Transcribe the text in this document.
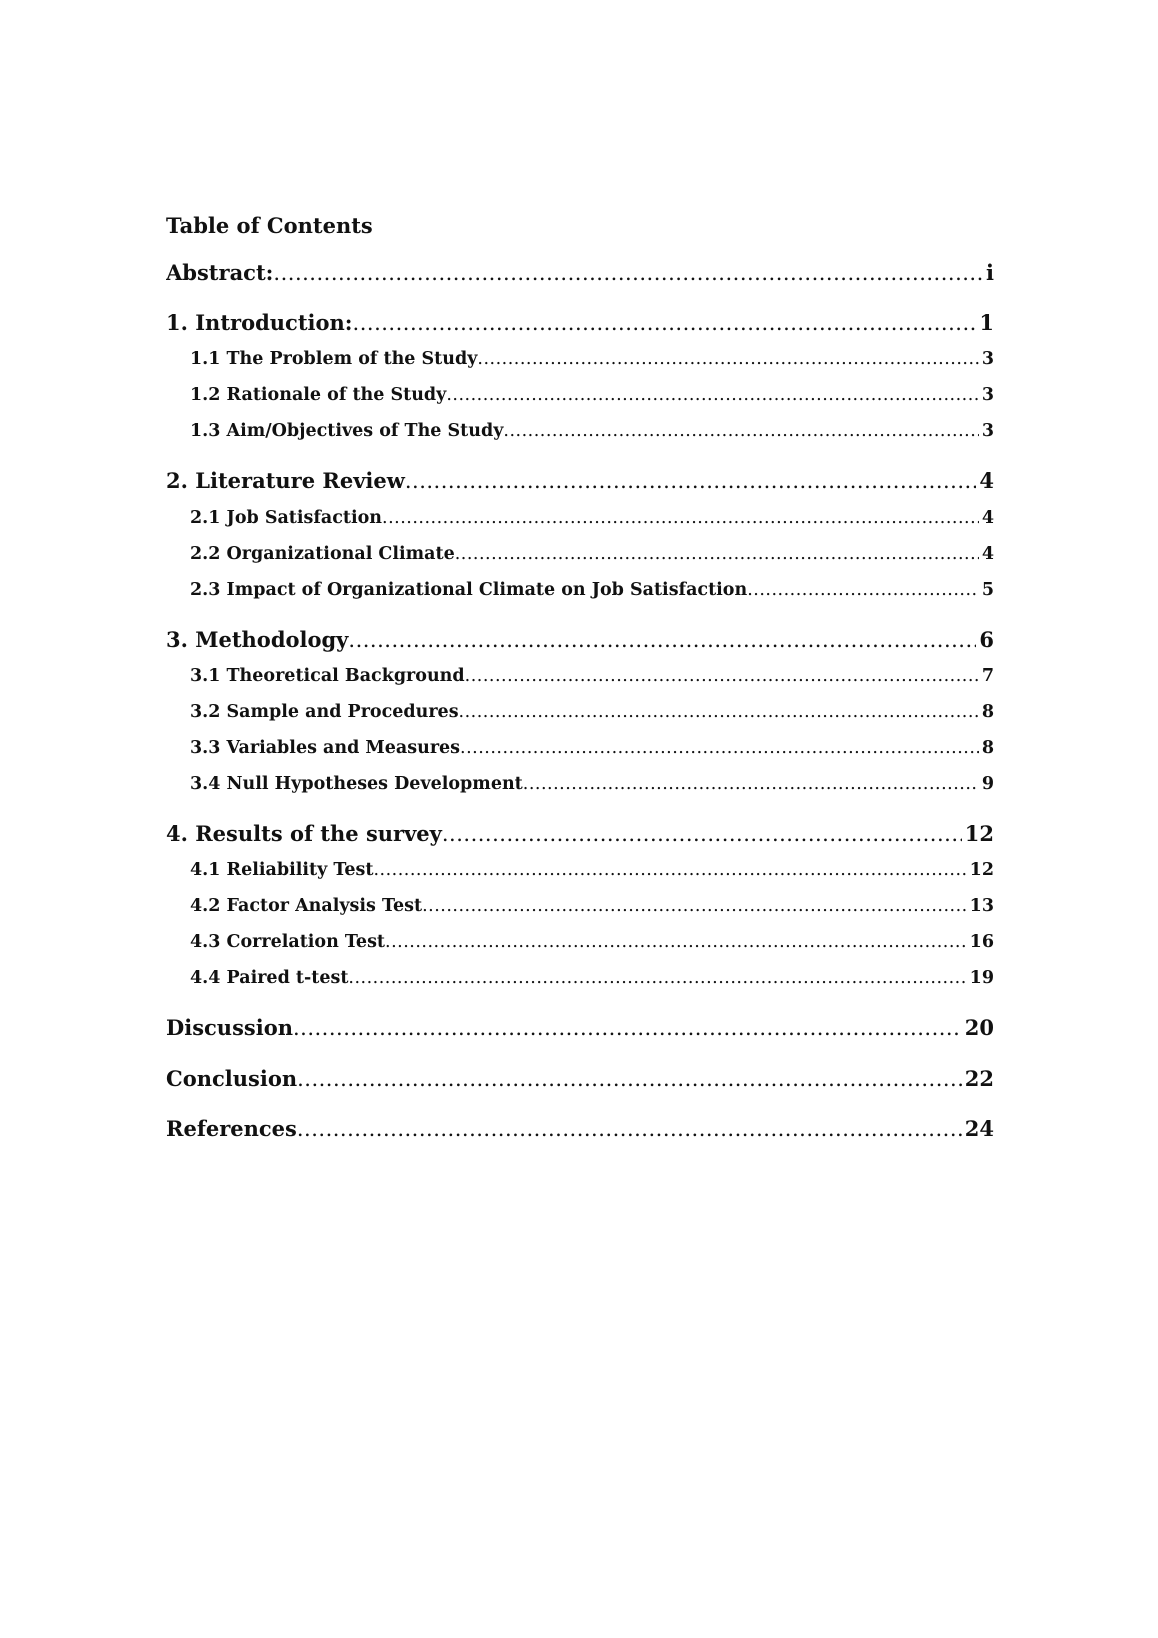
Table of Contents
Abstract: .....	i
1. Introduction: .....	1
1.1 The Problem of the Study .....	3
1.2 Rationale of the Study .....	3
1.3 Aim/Objectives of The Study .....	3
2. Literature Review .....	4
2.1 Job Satisfaction .....	4
2.2 Organizational Climate .....	4
2.3 Impact of Organizational Climate on Job Satisfaction .....	5
3. Methodology .....	6
3.1 Theoretical Background .....	7
3.2 Sample and Procedures .....	8
3.3 Variables and Measures .....	8
3.4 Null Hypotheses Development .....	9
4. Results of the survey .....	12
4.1 Reliability Test .....	12
4.2 Factor Analysis Test .....	13
4.3 Correlation Test .....	16
4.4 Paired t-test .....	19
Discussion .....	20
Conclusion .....	22
References .....	24
